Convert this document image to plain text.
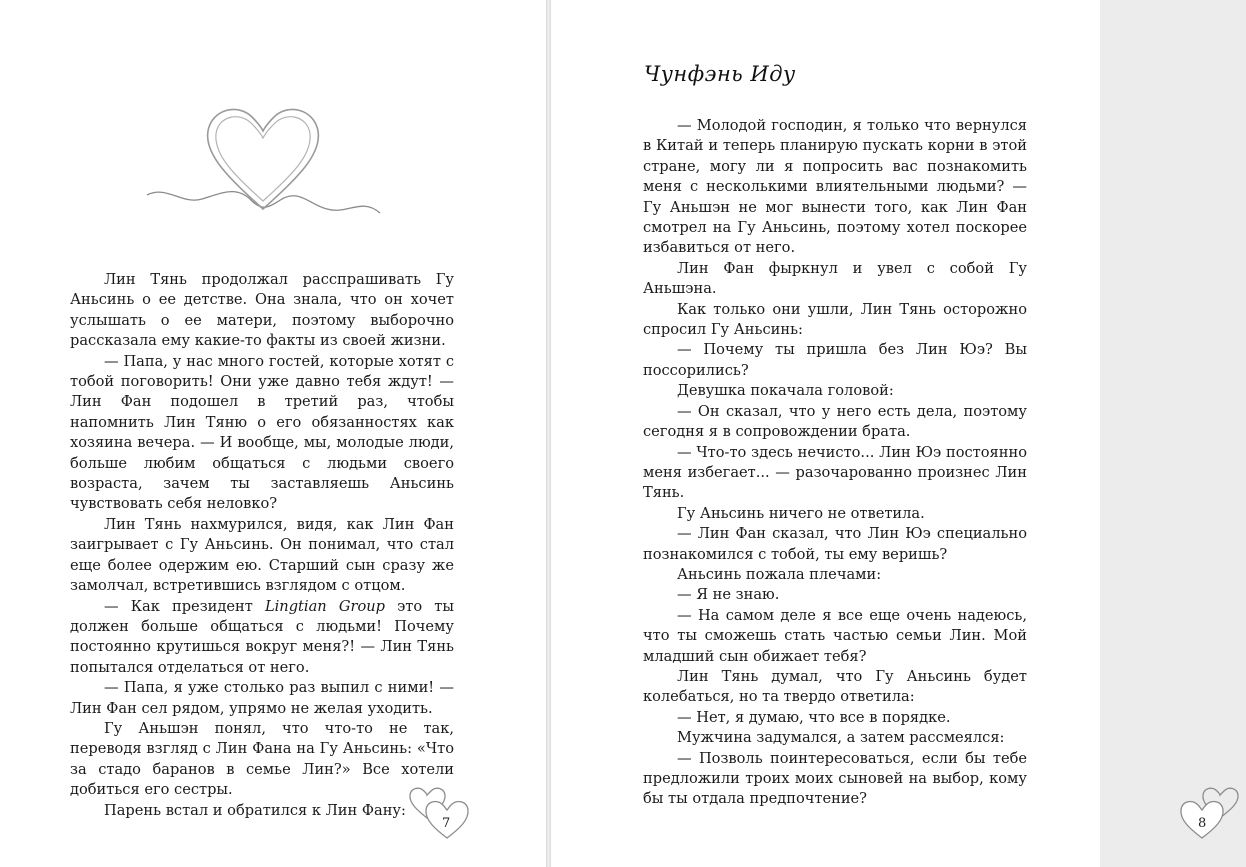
Лин Тянь продолжал расспрашивать Гу Аньсинь о ее детстве. Она знала, что он хочет услышать о ее матери, поэтому выборочно рассказала ему какие-то факты из своей жизни.

— Папа, у нас много гостей, которые хотят с тобой поговорить! Они уже давно тебя ждут! — Лин Фан подошел в третий раз, чтобы напомнить Лин Тяню о его обязанностях как хозяина вечера. — И вообще, мы, молодые люди, больше любим общаться с людьми своего возраста, зачем ты заставляешь Аньсинь чувствовать себя неловко?

Лин Тянь нахмурился, видя, как Лин Фан заигрывает с Гу Аньсинь. Он понимал, что стал еще более одержим ею. Старший сын сразу же замолчал, встретившись взглядом с отцом.

— Как президент Lingtian Group это ты должен больше общаться с людьми! Почему постоянно крутишься вокруг меня?! — Лин Тянь попытался отделаться от него.

— Папа, я уже столько раз выпил с ними! — Лин Фан сел рядом, упрямо не желая уходить.

Гу Аньшэн понял, что что-то не так, переводя взгляд с Лин Фана на Гу Аньсинь: «Что за стадо баранов в семье Лин?» Все хотели добиться его сестры.

Парень встал и обратился к Лин Фану:

7
Чунфэнь Иду

— Молодой господин, я только что вернулся в Китай и теперь планирую пускать корни в этой стране, могу ли я попросить вас познакомить меня с несколькими влиятельными людьми? — Гу Аньшэн не мог вынести того, как Лин Фан смотрел на Гу Аньсинь, поэтому хотел поскорее избавиться от него.

Лин Фан фыркнул и увел с собой Гу Аньшэна.

Как только они ушли, Лин Тянь осторожно спросил Гу Аньсинь:

— Почему ты пришла без Лин Юэ? Вы поссорились?

Девушка покачала головой:

— Он сказал, что у него есть дела, поэтому сегодня я в сопровождении брата.

— Что-то здесь нечисто... Лин Юэ постоянно меня избегает... — разочарованно произнес Лин Тянь.

Гу Аньсинь ничего не ответила.

— Лин Фан сказал, что Лин Юэ специально познакомился с тобой, ты ему веришь?

Аньсинь пожала плечами:

— Я не знаю.

— На самом деле я все еще очень надеюсь, что ты сможешь стать частью семьи Лин. Мой младший сын обижает тебя?

Лин Тянь думал, что Гу Аньсинь будет колебаться, но та твердо ответила:

— Нет, я думаю, что все в порядке.

Мужчина задумался, а затем рассмеялся:

— Позволь поинтересоваться, если бы тебе предложили троих моих сыновей на выбор, кому бы ты отдала предпочтение?

8
